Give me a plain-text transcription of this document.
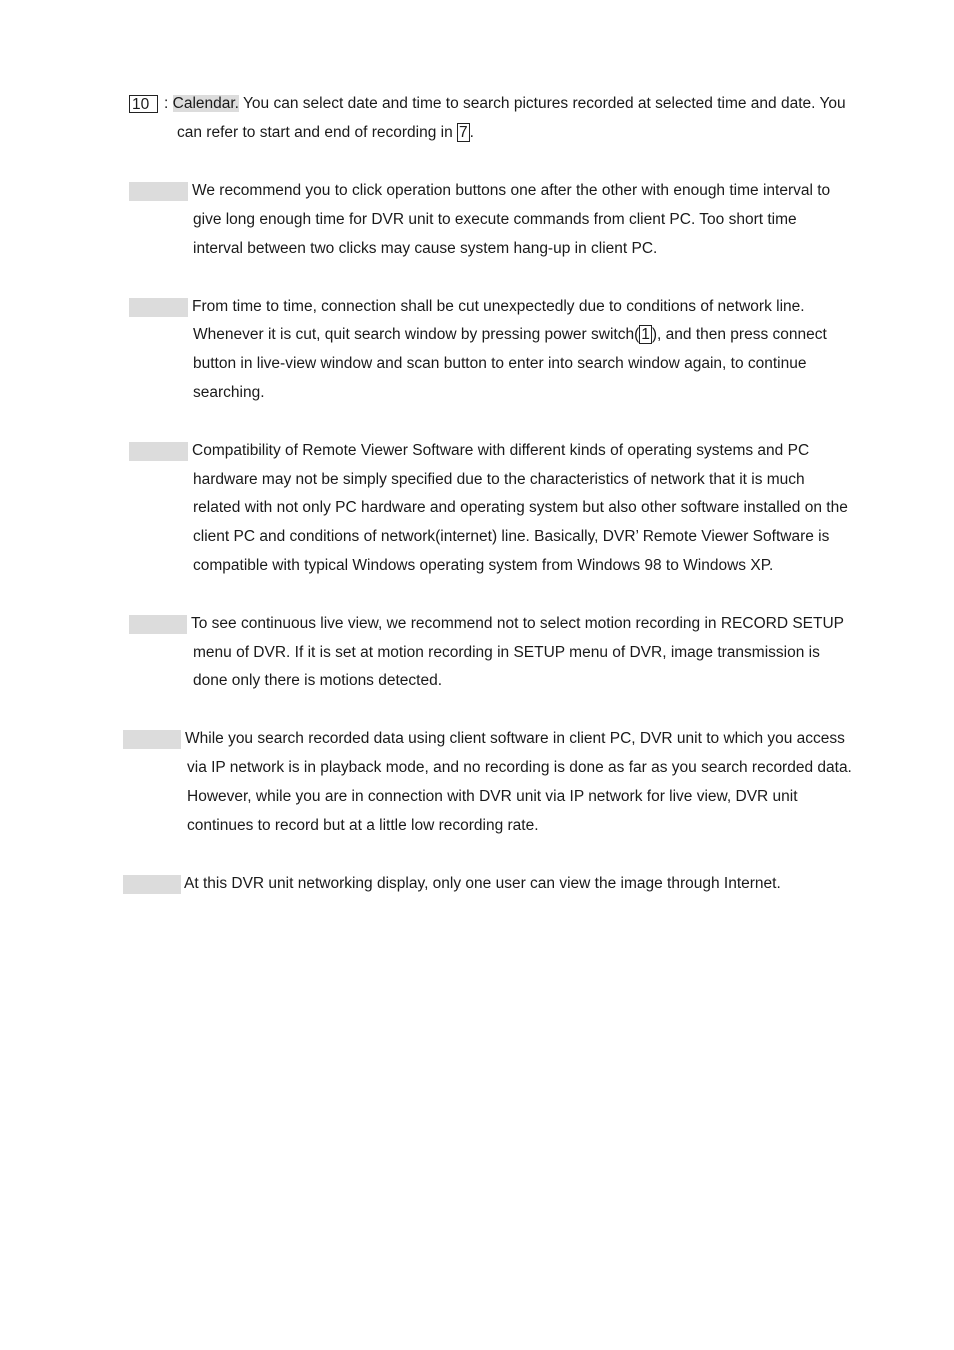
10 : Calendar. You can select date and time to search pictures recorded at selected time and date. You
can refer to start and end of recording in 7 .
We recommend you to click operation buttons one after the other with enough time interval to
give long enough time for DVR unit to execute commands from client PC. Too short time
interval between two clicks may cause system hang-up in client PC.
From time to time, connection shall be cut unexpectedly due to conditions of network line.
Whenever it is cut, quit search window by pressing power switch( 1 ), and then press connect
button in live-view window and scan button to enter into search window again, to continue
searching.
Compatibility of Remote Viewer Software with different kinds of operating systems and PC
hardware may not be simply specified due to the characteristics of network that it is much
related with not only PC hardware and operating system but also other software installed on the
client PC and conditions of network(internet) line. Basically, DVR’ Remote Viewer Software is
compatible with typical Windows operating system from Windows 98 to Windows XP.
To see continuous live view, we recommend not to select motion recording in RECORD SETUP
menu of DVR. If it is set at motion recording in SETUP menu of DVR, image transmission is
done only there is motions detected.
While you search recorded data using client software in client PC, DVR unit to which you access
via IP network is in playback mode, and no recording is done as far as you search recorded data.
However, while you are in connection with DVR unit via IP network for live view, DVR unit
continues to record but at a little low recording rate.
At this DVR unit networking display, only one user can view the image through Internet.
